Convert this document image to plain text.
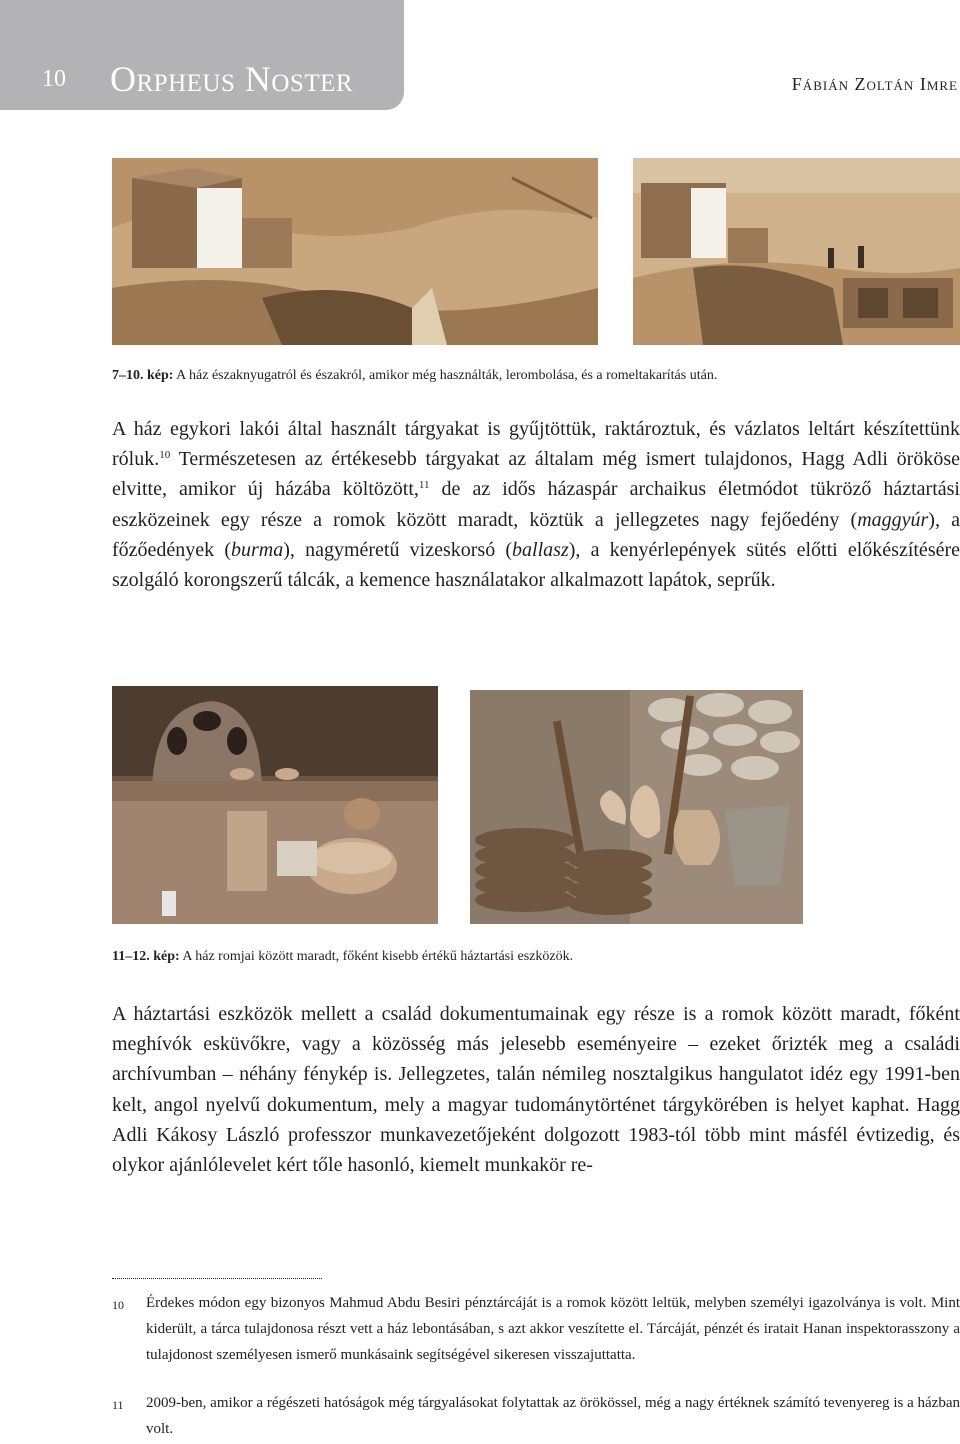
10 Orpheus Noster	Fábián Zoltán Imre
7–10. kép: A ház északnyugatról és északról, amikor még használták, lerombolása, és a romeltakarítás után.

A ház egykori lakói által használt tárgyakat is gyűjtöttük, raktároztuk, és vázlatos leltárt készítettünk róluk.$^{10}$ Természetesen az értékesebb tárgyakat az általam még ismert tulajdonos, Hagg Adli örököse elvitte, amikor új házába költözött,$^{11}$ de az idős házaspár archaikus életmódot tükröző háztartási eszközeinek egy része a romok között maradt, köztük a jellegzetes nagy fejőedény (maggyúr), a főzőedények (burma), nagyméretű vizeskorsó (ballasz), a kenyérlepények sütés előtti előkészítésére szolgáló korongszerű tálcák, a kemence használatakor alkalmazott lapátok, seprűk.

11–12. kép: A ház romjai között maradt, főként kisebb értékű háztartási eszközök.

A háztartási eszközök mellett a család dokumentumainak egy része is a romok között maradt, főként meghívók esküvőkre, vagy a közösség más jelesebb eseményeire – ezeket őrizték meg a családi archívumban – néhány fénykép is. Jellegzetes, talán némileg nosztalgikus hangulatot idéz egy 1991-ben kelt, angol nyelvű dokumentum, mely a magyar tudománytörténet tárgykörében is helyet kaphat. Hagg Adli Kákosy László professzor munkavezetőjeként dolgozott 1983-tól több mint másfél évtizedig, és olykor ajánlólevelet kért tőle hasonló, kiemelt munkakör re-

10 Érdekes módon egy bizonyos Mahmud Abdu Besiri pénztárcáját is a romok között leltük, melyben személyi igazolványa is volt. Mint kiderült, a tárca tulajdonosa részt vett a ház lebontásában, s azt akkor veszítette el. Tárcáját, pénzét és iratait Hanan inspektorasszony a tulajdonost személyesen ismerő munkásaink segítségével sikeresen visszajuttatta.

11 2009-ben, amikor a régészeti hatóságok még tárgyalásokat folytattak az örökössel, még a nagy értéknek számító tevenyereg is a házban volt.
